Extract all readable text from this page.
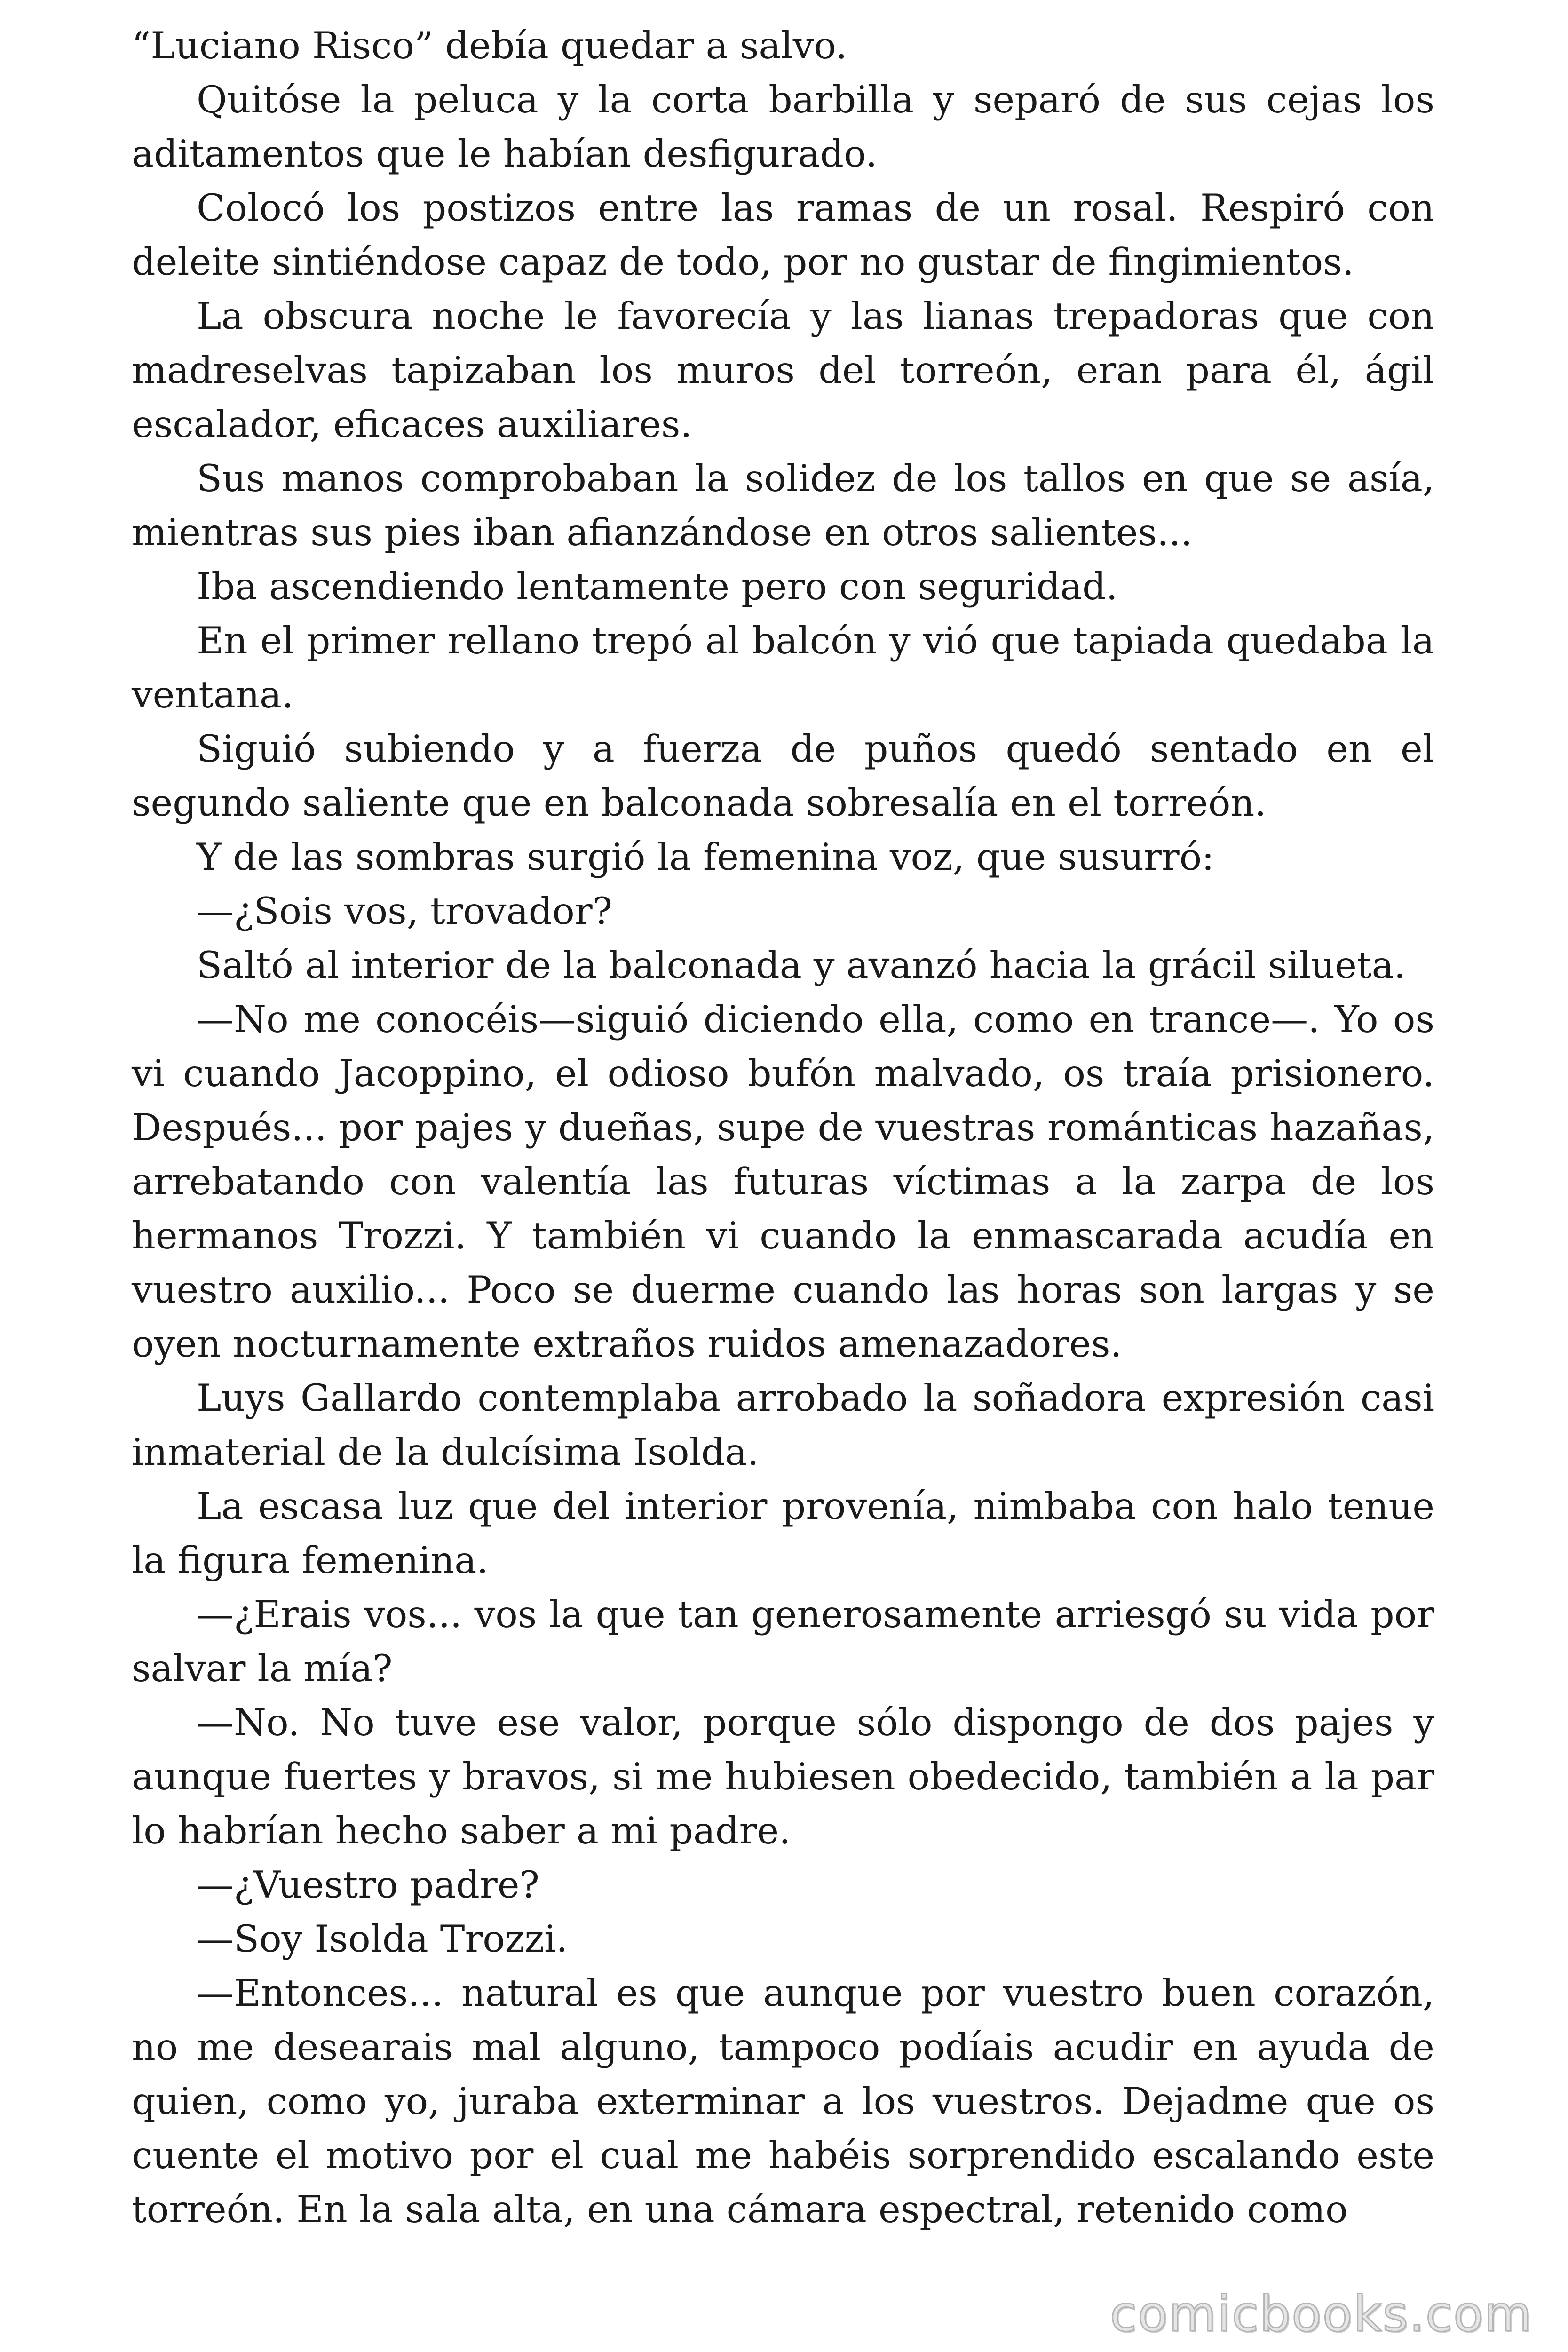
“Luciano Risco” debía quedar a salvo.

Quitóse la peluca y la corta barbilla y separó de sus cejas los aditamentos que le habían desfigurado.

Colocó los postizos entre las ramas de un rosal. Respiró con deleite sintiéndose capaz de todo, por no gustar de fingimientos.

La obscura noche le favorecía y las lianas trepadoras que con madreselvas tapizaban los muros del torreón, eran para él, ágil escalador, eficaces auxiliares.

Sus manos comprobaban la solidez de los tallos en que se asía, mientras sus pies iban afianzándose en otros salientes...

Iba ascendiendo lentamente pero con seguridad.

En el primer rellano trepó al balcón y vió que tapiada quedaba la ventana.

Siguió subiendo y a fuerza de puños quedó sentado en el segundo saliente que en balconada sobresalía en el torreón.

Y de las sombras surgió la femenina voz, que susurró:

—¿Sois vos, trovador?

Saltó al interior de la balconada y avanzó hacia la grácil silueta.

—No me conocéis—siguió diciendo ella, como en trance—. Yo os vi cuando Jacoppino, el odioso bufón malvado, os traía prisionero. Después... por pajes y dueñas, supe de vuestras románticas hazañas, arrebatando con valentía las futuras víctimas a la zarpa de los hermanos Trozzi. Y también vi cuando la enmascarada acudía en vuestro auxilio... Poco se duerme cuando las horas son largas y se oyen nocturnamente extraños ruidos amenazadores.

Luys Gallardo contemplaba arrobado la soñadora expresión casi inmaterial de la dulcísima Isolda.

La escasa luz que del interior provenía, nimbaba con halo tenue la figura femenina.

—¿Erais vos... vos la que tan generosamente arriesgó su vida por salvar la mía?

—No. No tuve ese valor, porque sólo dispongo de dos pajes y aunque fuertes y bravos, si me hubiesen obedecido, también a la par lo habrían hecho saber a mi padre.

—¿Vuestro padre?

—Soy Isolda Trozzi.

—Entonces... natural es que aunque por vuestro buen corazón, no me desearais mal alguno, tampoco podíais acudir en ayuda de quien, como yo, juraba exterminar a los vuestros. Dejadme que os cuente el motivo por el cual me habéis sorprendido escalando este torreón. En la sala alta, en una cámara espectral, retenido como

comicbooks.com
